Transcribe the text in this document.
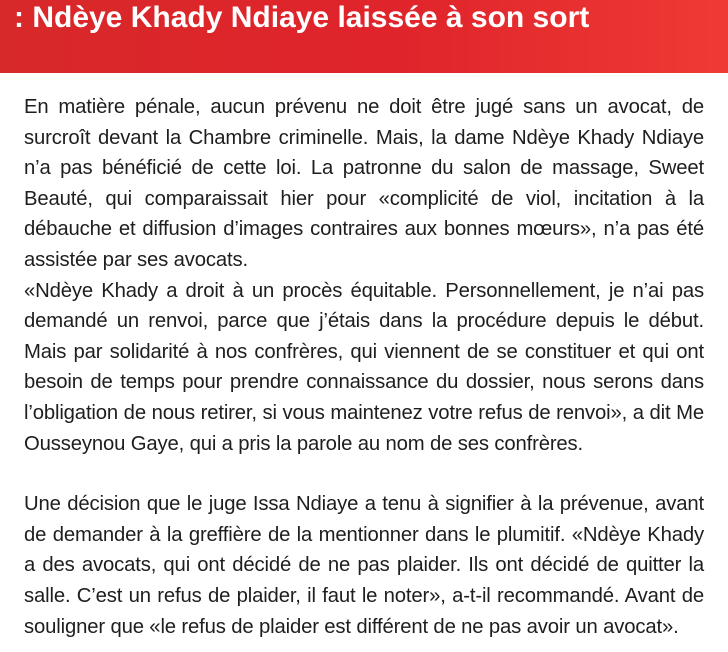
: Ndèye Khady Ndiaye laissée à son sort

En matière pénale, aucun prévenu ne doit être jugé sans un avocat, de surcroît devant la Chambre criminelle. Mais, la dame Ndèye Khady Ndiaye n’a pas bénéficié de cette loi. La patronne du salon de massage, Sweet Beauté, qui comparaissait hier pour «complicité de viol, incitation à la débauche et diffusion d’images contraires aux bonnes mœurs», n’a pas été assistée par ses avocats.

«Ndèye Khady a droit à un procès équitable. Personnellement, je n’ai pas demandé un renvoi, parce que j’étais dans la procédure depuis le début. Mais par solidarité à nos confrères, qui viennent de se constituer et qui ont besoin de temps pour prendre connaissance du dossier, nous serons dans l’obligation de nous retirer, si vous maintenez votre refus de renvoi», a dit Me Ousseynou Gaye, qui a pris la parole au nom de ses confrères.

Une décision que le juge Issa Ndiaye a tenu à signifier à la prévenue, avant de demander à la greffière de la mentionner dans le plumitif. «Ndèye Khady a des avocats, qui ont décidé de ne pas plaider. Ils ont décidé de quitter la salle. C’est un refus de plaider, il faut le noter», a-t-il recommandé. Avant de souligner que «le refus de plaider est différent de ne pas avoir un avocat».
